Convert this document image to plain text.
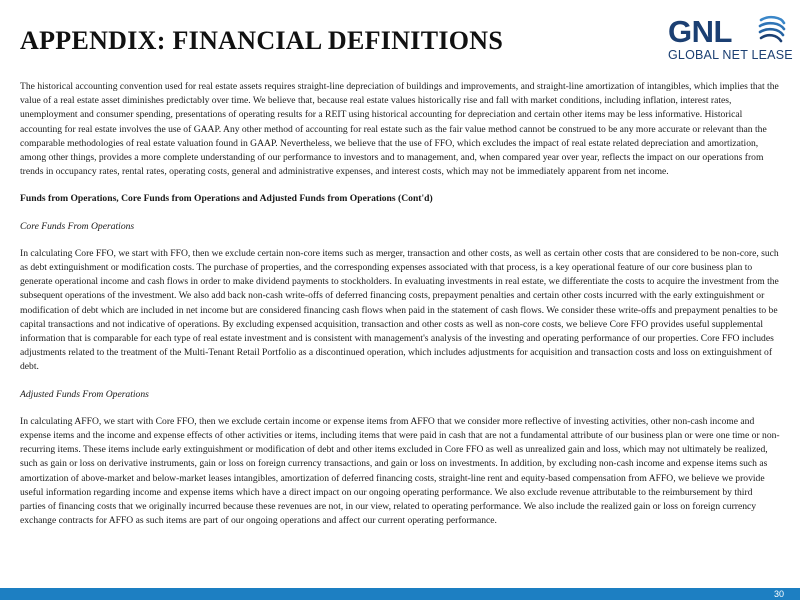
APPENDIX: FINANCIAL DEFINITIONS	GNL
GLOBAL NET LEASE

The historical accounting convention used for real estate assets requires straight-line depreciation of buildings and improvements, and straight-line amortization of intangibles, which implies that the value of a real estate asset diminishes predictably over time. We believe that, because real estate values historically rise and fall with market conditions, including inflation, interest rates, unemployment and consumer spending, presentations of operating results for a REIT using historical accounting for depreciation and certain other items may be less informative. Historical accounting for real estate involves the use of GAAP. Any other method of accounting for real estate such as the fair value method cannot be construed to be any more accurate or relevant than the comparable methodologies of real estate valuation found in GAAP. Nevertheless, we believe that the use of FFO, which excludes the impact of real estate related depreciation and amortization, among other things, provides a more complete understanding of our performance to investors and to management, and, when compared year over year, reflects the impact on our operations from trends in occupancy rates, rental rates, operating costs, general and administrative expenses, and interest costs, which may not be immediately apparent from net income.

Funds from Operations, Core Funds from Operations and Adjusted Funds from Operations (Cont'd)

Core Funds From Operations

In calculating Core FFO, we start with FFO, then we exclude certain non-core items such as merger, transaction and other costs, as well as certain other costs that are considered to be non-core, such as debt extinguishment or modification costs. The purchase of properties, and the corresponding expenses associated with that process, is a key operational feature of our core business plan to generate operational income and cash flows in order to make dividend payments to stockholders. In evaluating investments in real estate, we differentiate the costs to acquire the investment from the subsequent operations of the investment. We also add back non-cash write-offs of deferred financing costs, prepayment penalties and certain other costs incurred with the early extinguishment or modification of debt which are included in net income but are considered financing cash flows when paid in the statement of cash flows. We consider these write-offs and prepayment penalties to be capital transactions and not indicative of operations. By excluding expensed acquisition, transaction and other costs as well as non-core costs, we believe Core FFO provides useful supplemental information that is comparable for each type of real estate investment and is consistent with management's analysis of the investing and operating performance of our properties. Core FFO includes adjustments related to the treatment of the Multi-Tenant Retail Portfolio as a discontinued operation, which includes adjustments for acquisition and transaction costs and loss on extinguishment of debt.

Adjusted Funds From Operations

In calculating AFFO, we start with Core FFO, then we exclude certain income or expense items from AFFO that we consider more reflective of investing activities, other non-cash income and expense items and the income and expense effects of other activities or items, including items that were paid in cash that are not a fundamental attribute of our business plan or were one time or non-recurring items. These items include early extinguishment or modification of debt and other items excluded in Core FFO as well as unrealized gain and loss, which may not ultimately be realized, such as gain or loss on derivative instruments, gain or loss on foreign currency transactions, and gain or loss on investments. In addition, by excluding non-cash income and expense items such as amortization of above-market and below-market leases intangibles, amortization of deferred financing costs, straight-line rent and equity-based compensation from AFFO, we believe we provide useful information regarding income and expense items which have a direct impact on our ongoing operating performance. We also exclude revenue attributable to the reimbursement by third parties of financing costs that we originally incurred because these revenues are not, in our view, related to operating performance. We also include the realized gain or loss on foreign currency exchange contracts for AFFO as such items are part of our ongoing operations and affect our current operating performance.

30
